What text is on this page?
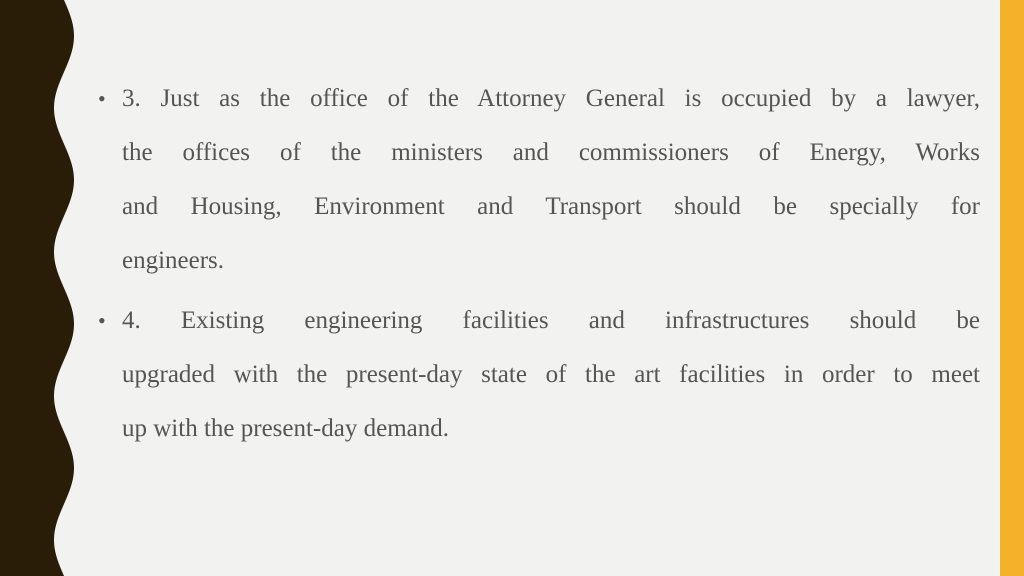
• 3. Just as the office of the Attorney General is occupied by a lawyer,
the offices of the ministers and commissioners of Energy, Works
and Housing, Environment and Transport should be specially for
engineers.
• 4. Existing engineering facilities and infrastructures should be
upgraded with the present-day state of the art facilities in order to meet
up with the present-day demand.
